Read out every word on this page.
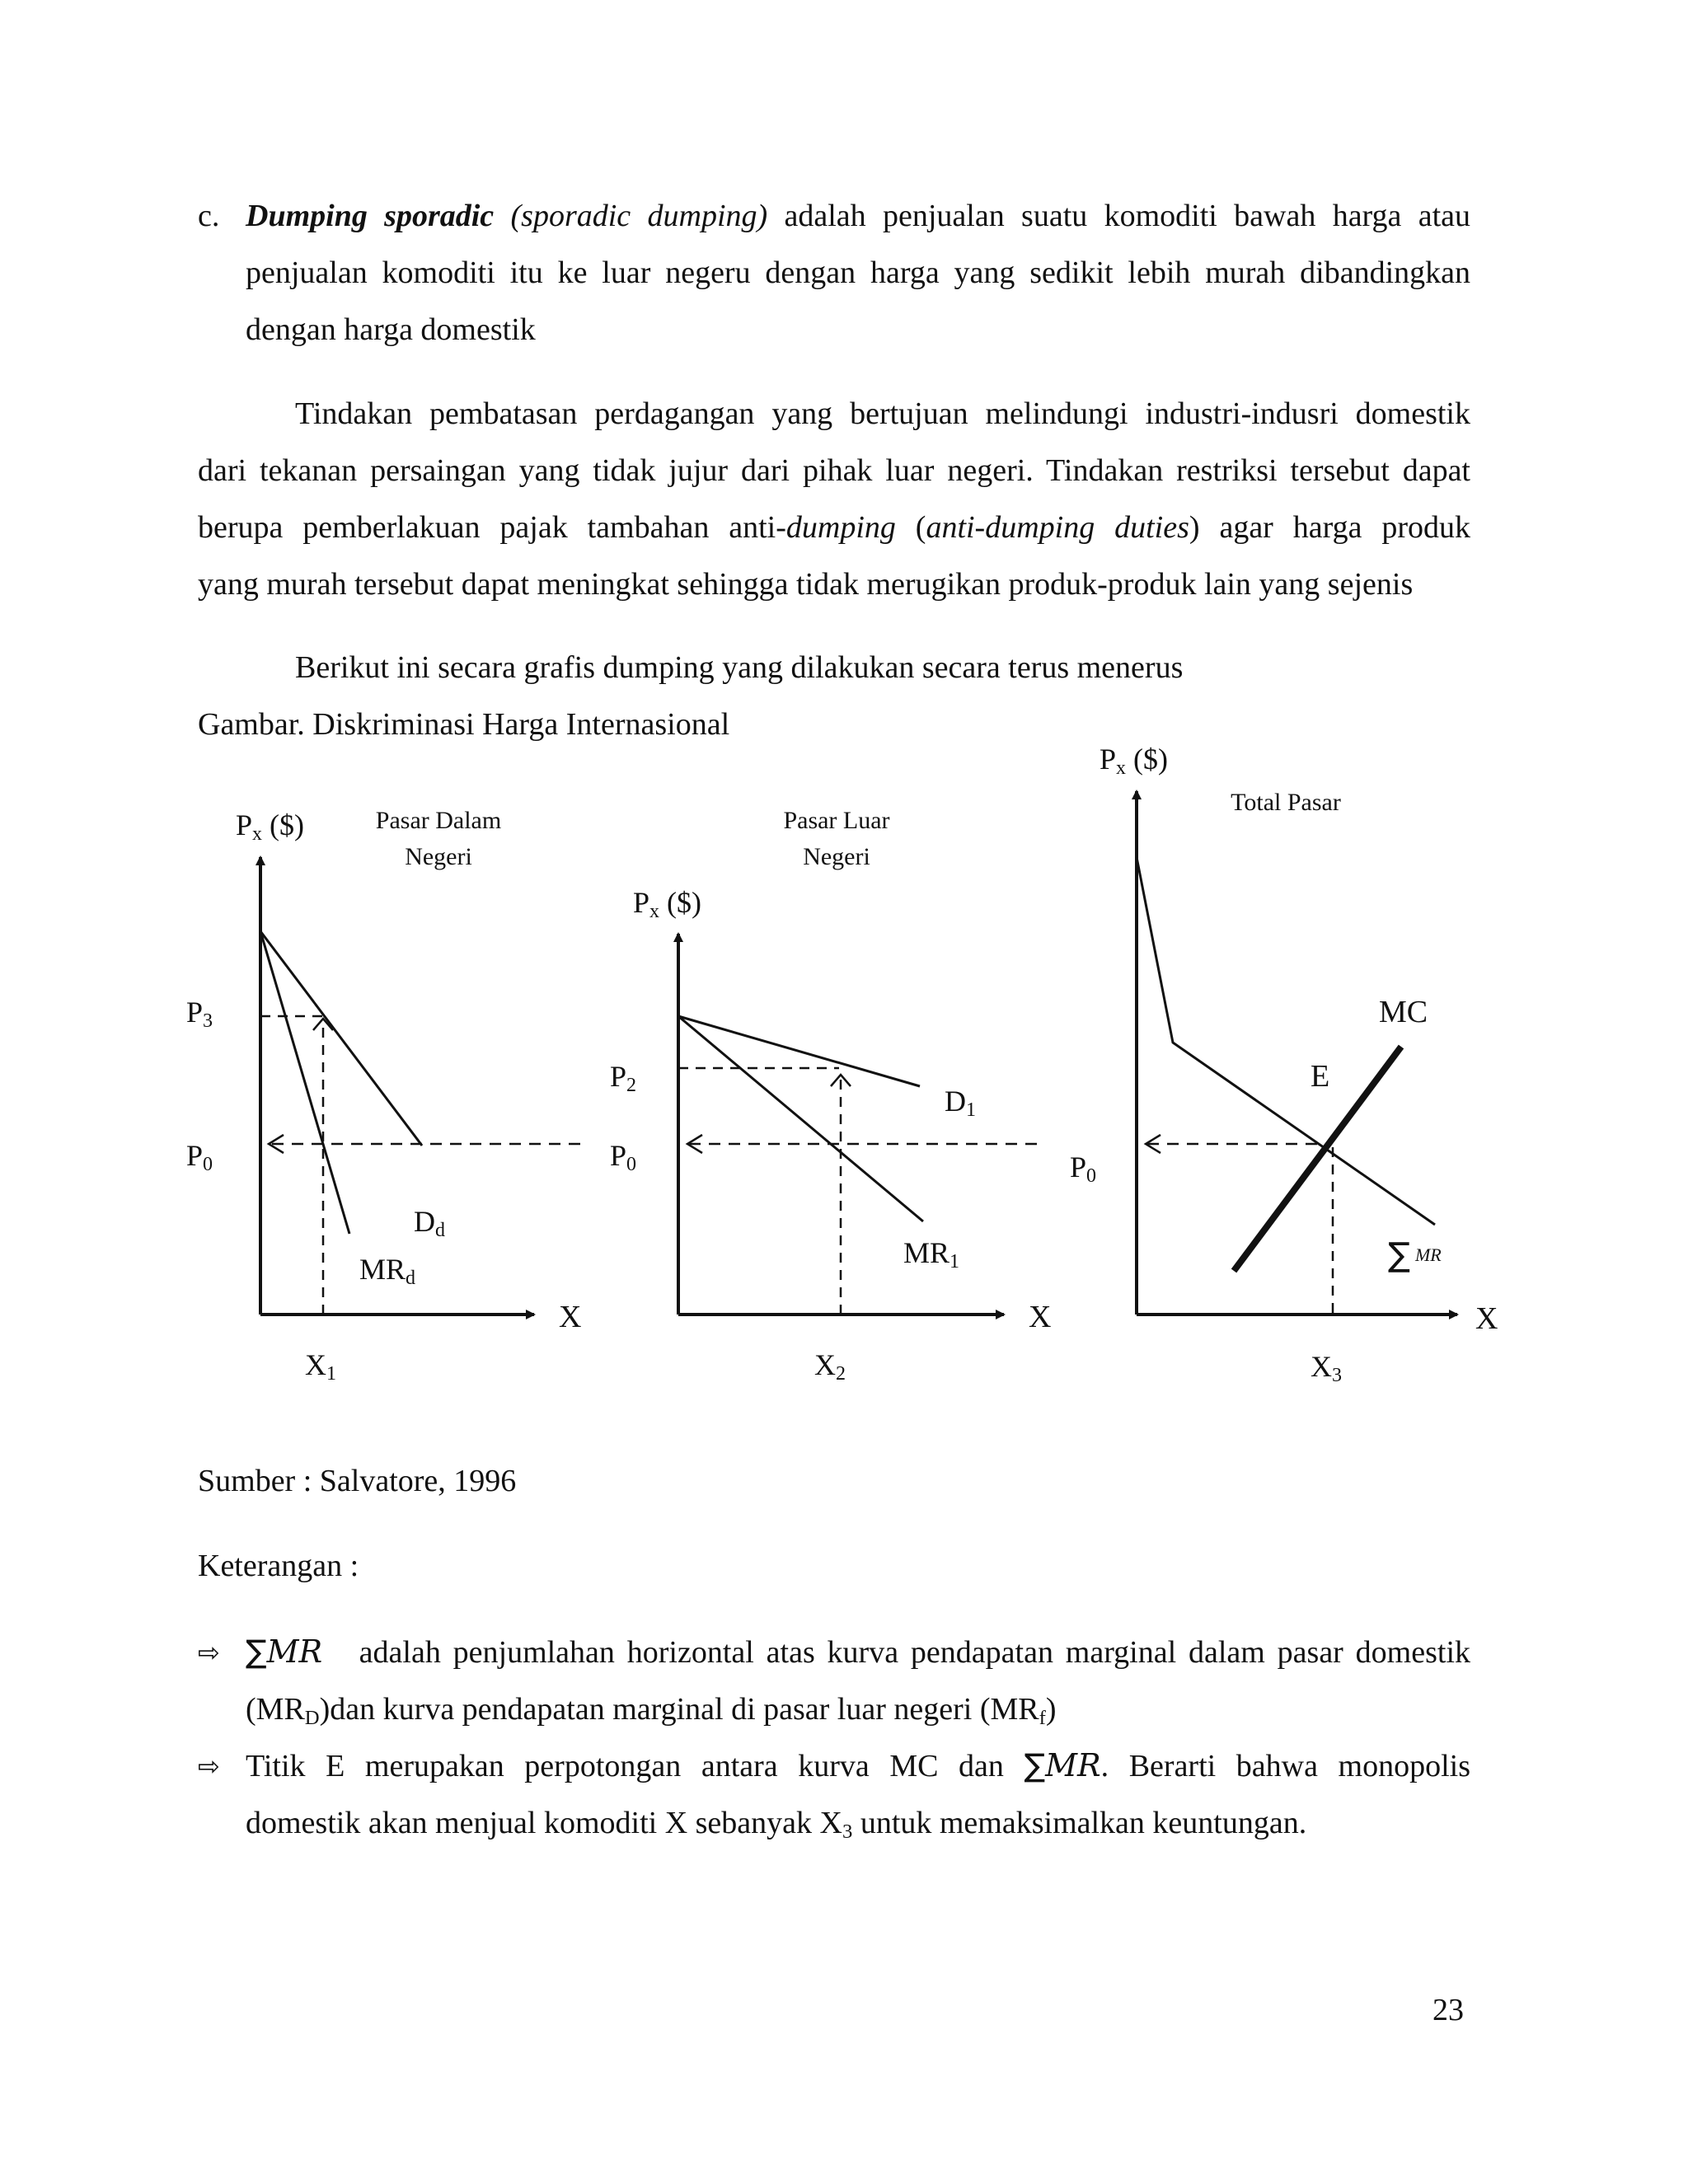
c. Dumping sporadic (sporadic dumping) adalah penjualan suatu komoditi bawah harga atau
penjualan komoditi itu ke luar negeru dengan harga yang sedikit lebih murah dibandingkan
dengan harga domestik
Tindakan pembatasan perdagangan yang bertujuan melindungi industri-indusri domestik
dari tekanan persaingan yang tidak jujur dari pihak luar negeri. Tindakan restriksi tersebut dapat
berupa pemberlakuan pajak tambahan anti-dumping (anti-dumping duties) agar harga produk
yang murah tersebut dapat meningkat sehingga tidak merugikan produk-produk lain yang sejenis
Berikut ini secara grafis dumping yang dilakukan secara terus menerus
Gambar. Diskriminasi Harga Internasional
Px ($)	Pasar Dalam
Negeri
P3
P0
Dd
MRd
X
X1
Px ($)
Pasar Luar
Negeri
P2
P0
D1
MR1
X
X2
Px ($)
Total Pasar
MC
E
P0
∑ MR
X
X3
Sumber : Salvatore, 1996
Keterangan :
⇨ ∑MR adalah penjumlahan horizontal atas kurva pendapatan marginal dalam pasar domestik
$(MR_D)dan$ kurva pendapatan marginal di pasar luar negeri $(MR_f)$
⇨ Titik E merupakan perpotongan antara kurva MC dan ∑MR. Berarti bahwa monopolis
domestik akan menjual komoditi X sebanyak $X_3$ untuk memaksimalkan keuntungan.
23
